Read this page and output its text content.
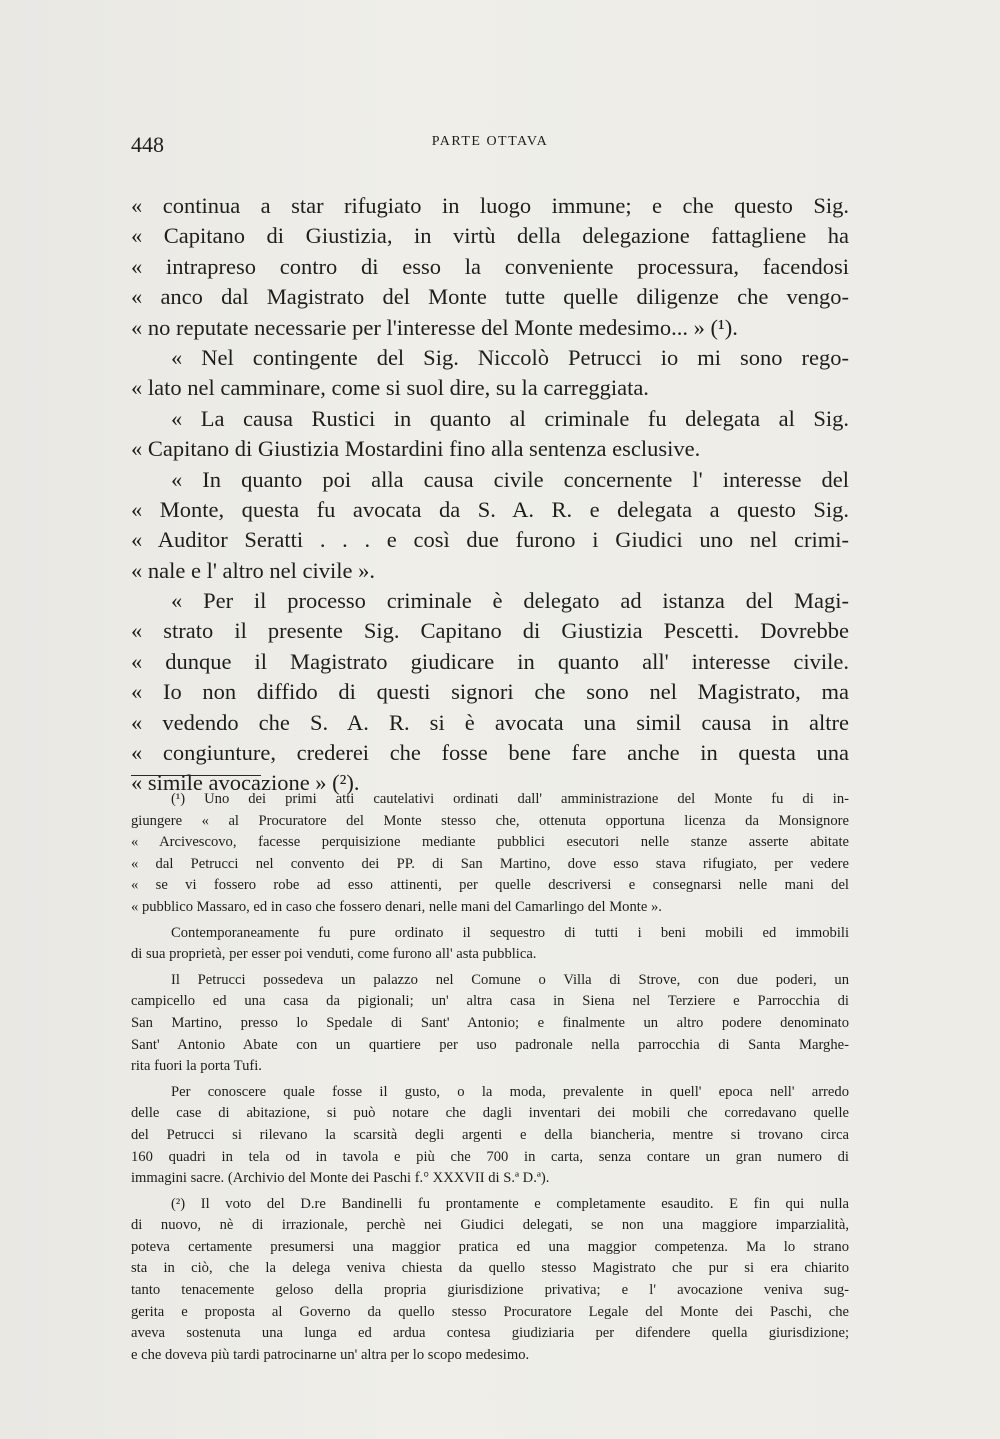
448	PARTE OTTAVA
« continua a star rifugiato in luogo immune; e che questo Sig.
« Capitano di Giustizia, in virtù della delegazione fattagliene ha
« intrapreso contro di esso la conveniente processura, facendosi
« anco dal Magistrato del Monte tutte quelle diligenze che vengo-
« no reputate necessarie per l'interesse del Monte medesimo... » (¹).
« Nel contingente del Sig. Niccolò Petrucci io mi sono rego-
« lato nel camminare, come si suol dire, su la carreggiata.
« La causa Rustici in quanto al criminale fu delegata al Sig.
« Capitano di Giustizia Mostardini fino alla sentenza esclusive.
« In quanto poi alla causa civile concernente l' interesse del
« Monte, questa fu avocata da S. A. R. e delegata a questo Sig.
« Auditor Seratti . . . e così due furono i Giudici uno nel crimi-
« nale e l' altro nel civile ».
« Per il processo criminale è delegato ad istanza del Magi-
« strato il presente Sig. Capitano di Giustizia Pescetti. Dovrebbe
« dunque il Magistrato giudicare in quanto all' interesse civile.
« Io non diffido di questi signori che sono nel Magistrato, ma
« vedendo che S. A. R. si è avocata una simil causa in altre
« congiunture, crederei che fosse bene fare anche in questa una
« simile avocazione » (²).
(¹) Uno dei primi atti cautelativi ordinati dall' amministrazione del Monte fu di in-
giungere « al Procuratore del Monte stesso che, ottenuta opportuna licenza da Monsignore
« Arcivescovo, facesse perquisizione mediante pubblici esecutori nelle stanze asserte abitate
« dal Petrucci nel convento dei PP. di San Martino, dove esso stava rifugiato, per vedere
« se vi fossero robe ad esso attinenti, per quelle descriversi e consegnarsi nelle mani del
« pubblico Massaro, ed in caso che fossero denari, nelle mani del Camarlingo del Monte ».
Contemporaneamente fu pure ordinato il sequestro di tutti i beni mobili ed immobili
di sua proprietà, per esser poi venduti, come furono all' asta pubblica.
Il Petrucci possedeva un palazzo nel Comune o Villa di Strove, con due poderi, un
campicello ed una casa da pigionali; un' altra casa in Siena nel Terziere e Parrocchia di
San Martino, presso lo Spedale di Sant' Antonio; e finalmente un altro podere denominato
Sant' Antonio Abate con un quartiere per uso padronale nella parrocchia di Santa Marghe-
rita fuori la porta Tufi.
Per conoscere quale fosse il gusto, o la moda, prevalente in quell' epoca nell' arredo
delle case di abitazione, si può notare che dagli inventari dei mobili che corredavano quelle
del Petrucci si rilevano la scarsità degli argenti e della biancheria, mentre si trovano circa
160 quadri in tela od in tavola e più che 700 in carta, senza contare un gran numero di
immagini sacre. (Archivio del Monte dei Paschi f.° XXXVII di S.ª D.ª).
(²) Il voto del D.re Bandinelli fu prontamente e completamente esaudito. E fin qui nulla
di nuovo, nè di irrazionale, perchè nei Giudici delegati, se non una maggiore imparzialità,
poteva certamente presumersi una maggior pratica ed una maggior competenza. Ma lo strano
sta in ciò, che la delega veniva chiesta da quello stesso Magistrato che pur si era chiarito
tanto tenacemente geloso della propria giurisdizione privativa; e l' avocazione veniva sug-
gerita e proposta al Governo da quello stesso Procuratore Legale del Monte dei Paschi, che
aveva sostenuta una lunga ed ardua contesa giudiziaria per difendere quella giurisdizione;
e che doveva più tardi patrocinarne un' altra per lo scopo medesimo.
